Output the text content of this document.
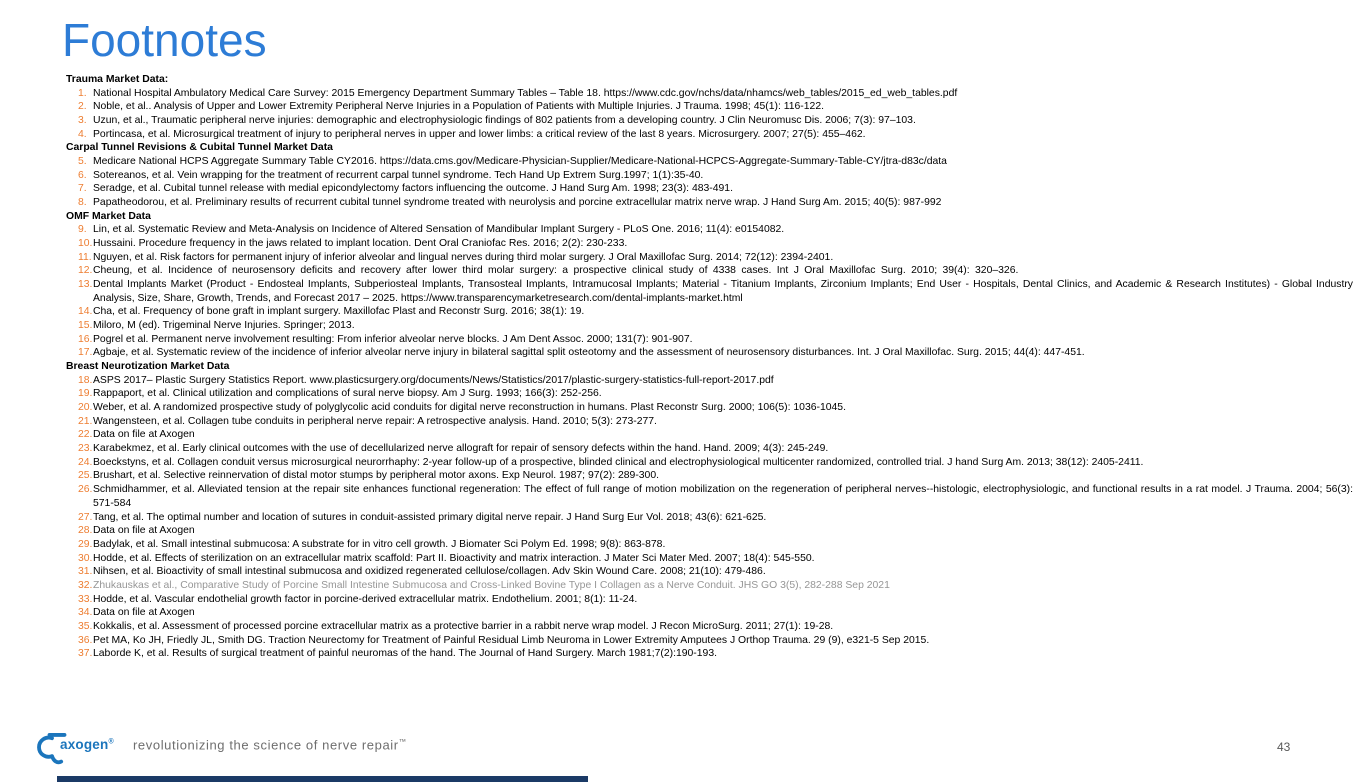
Footnotes
Trauma Market Data:
1. National Hospital Ambulatory Medical Care Survey: 2015 Emergency Department Summary Tables – Table 18. https://www.cdc.gov/nchs/data/nhamcs/web_tables/2015_ed_web_tables.pdf
2. Noble, et al.. Analysis of Upper and Lower Extremity Peripheral Nerve Injuries in a Population of Patients with Multiple Injuries. J Trauma. 1998; 45(1): 116-122.
3. Uzun, et al., Traumatic peripheral nerve injuries: demographic and electrophysiologic findings of 802 patients from a developing country. J Clin Neuromusc Dis. 2006; 7(3): 97–103.
4. Portincasa, et al. Microsurgical treatment of injury to peripheral nerves in upper and lower limbs: a critical review of the last 8 years. Microsurgery. 2007; 27(5): 455–462.
Carpal Tunnel Revisions & Cubital Tunnel Market Data
5. Medicare National HCPS Aggregate Summary Table CY2016. https://data.cms.gov/Medicare-Physician-Supplier/Medicare-National-HCPCS-Aggregate-Summary-Table-CY/jtra-d83c/data
6. Sotereanos, et al. Vein wrapping for the treatment of recurrent carpal tunnel syndrome. Tech Hand Up Extrem Surg.1997; 1(1):35-40.
7. Seradge, et al. Cubital tunnel release with medial epicondylectomy factors influencing the outcome. J Hand Surg Am. 1998; 23(3): 483-491.
8. Papatheodorou, et al. Preliminary results of recurrent cubital tunnel syndrome treated with neurolysis and porcine extracellular matrix nerve wrap. J Hand Surg Am. 2015; 40(5): 987-992
OMF Market Data
9. Lin, et al. Systematic Review and Meta-Analysis on Incidence of Altered Sensation of Mandibular Implant Surgery - PLoS One. 2016; 11(4): e0154082.
10. Hussaini. Procedure frequency in the jaws related to implant location. Dent Oral Craniofac Res. 2016; 2(2): 230-233.
11. Nguyen, et al. Risk factors for permanent injury of inferior alveolar and lingual nerves during third molar surgery. J Oral Maxillofac Surg. 2014; 72(12): 2394-2401.
12. Cheung, et al. Incidence of neurosensory deficits and recovery after lower third molar surgery: a prospective clinical study of 4338 cases. Int J Oral Maxillofac Surg. 2010; 39(4): 320–326.
13. Dental Implants Market (Product - Endosteal Implants, Subperiosteal Implants, Transosteal Implants, Intramucosal Implants; Material - Titanium Implants, Zirconium Implants; End User - Hospitals, Dental Clinics, and Academic & Research Institutes) - Global Industry Analysis, Size, Share, Growth, Trends, and Forecast 2017 – 2025. https://www.transparencymarketresearch.com/dental-implants-market.html
14. Cha, et al. Frequency of bone graft in implant surgery. Maxillofac Plast and Reconstr Surg. 2016; 38(1): 19.
15. Miloro, M (ed). Trigeminal Nerve Injuries. Springer; 2013.
16. Pogrel et al. Permanent nerve involvement resulting: From inferior alveolar nerve blocks. J Am Dent Assoc. 2000; 131(7): 901-907.
17. Agbaje, et al. Systematic review of the incidence of inferior alveolar nerve injury in bilateral sagittal split osteotomy and the assessment of neurosensory disturbances. Int. J Oral Maxillofac. Surg. 2015; 44(4): 447-451.
Breast Neurotization Market Data
18. ASPS 2017– Plastic Surgery Statistics Report. www.plasticsurgery.org/documents/News/Statistics/2017/plastic-surgery-statistics-full-report-2017.pdf
19. Rappaport, et al. Clinical utilization and complications of sural nerve biopsy. Am J Surg. 1993; 166(3): 252-256.
20. Weber, et al. A randomized prospective study of polyglycolic acid conduits for digital nerve reconstruction in humans. Plast Reconstr Surg. 2000; 106(5): 1036-1045.
21. Wangensteen, et al. Collagen tube conduits in peripheral nerve repair: A retrospective analysis. Hand. 2010; 5(3): 273-277.
22. Data on file at Axogen
23. Karabekmez, et al. Early clinical outcomes with the use of decellularized nerve allograft for repair of sensory defects within the hand. Hand. 2009; 4(3): 245-249.
24. Boeckstyns, et al. Collagen conduit versus microsurgical neurorrhaphy: 2-year follow-up of a prospective, blinded clinical and electrophysiological multicenter randomized, controlled trial. J hand Surg Am. 2013; 38(12): 2405-2411.
25. Brushart, et al. Selective reinnervation of distal motor stumps by peripheral motor axons. Exp Neurol. 1987; 97(2): 289-300.
26. Schmidhammer, et al. Alleviated tension at the repair site enhances functional regeneration: The effect of full range of motion mobilization on the regeneration of peripheral nerves--histologic, electrophysiologic, and functional results in a rat model. J Trauma. 2004; 56(3): 571-584
27. Tang, et al. The optimal number and location of sutures in conduit-assisted primary digital nerve repair. J Hand Surg Eur Vol. 2018; 43(6): 621-625.
28. Data on file at Axogen
29. Badylak, et al. Small intestinal submucosa: A substrate for in vitro cell growth. J Biomater Sci Polym Ed. 1998; 9(8): 863-878.
30. Hodde, et al. Effects of sterilization on an extracellular matrix scaffold: Part II. Bioactivity and matrix interaction. J Mater Sci Mater Med. 2007; 18(4): 545-550.
31. Nihsen, et al. Bioactivity of small intestinal submucosa and oxidized regenerated cellulose/collagen. Adv Skin Wound Care. 2008; 21(10): 479-486.
32. Zhukauskas et al., Comparative Study of Porcine Small Intestine Submucosa and Cross-Linked Bovine Type I Collagen as a Nerve Conduit. JHS GO 3(5), 282-288 Sep 2021
33. Hodde, et al. Vascular endothelial growth factor in porcine-derived extracellular matrix. Endothelium. 2001; 8(1): 11-24.
34. Data on file at Axogen
35. Kokkalis, et al. Assessment of processed porcine extracellular matrix as a protective barrier in a rabbit nerve wrap model. J Recon MicroSurg. 2011; 27(1): 19-28.
36. Pet MA, Ko JH, Friedly JL, Smith DG. Traction Neurectomy for Treatment of Painful Residual Limb Neuroma in Lower Extremity Amputees J Orthop Trauma. 29 (9), e321-5 Sep 2015.
37. Laborde K, et al. Results of surgical treatment of painful neuromas of the hand. The Journal of Hand Surgery. March 1981;7(2):190-193.
axogen® revolutionizing the science of nerve repair™	43
